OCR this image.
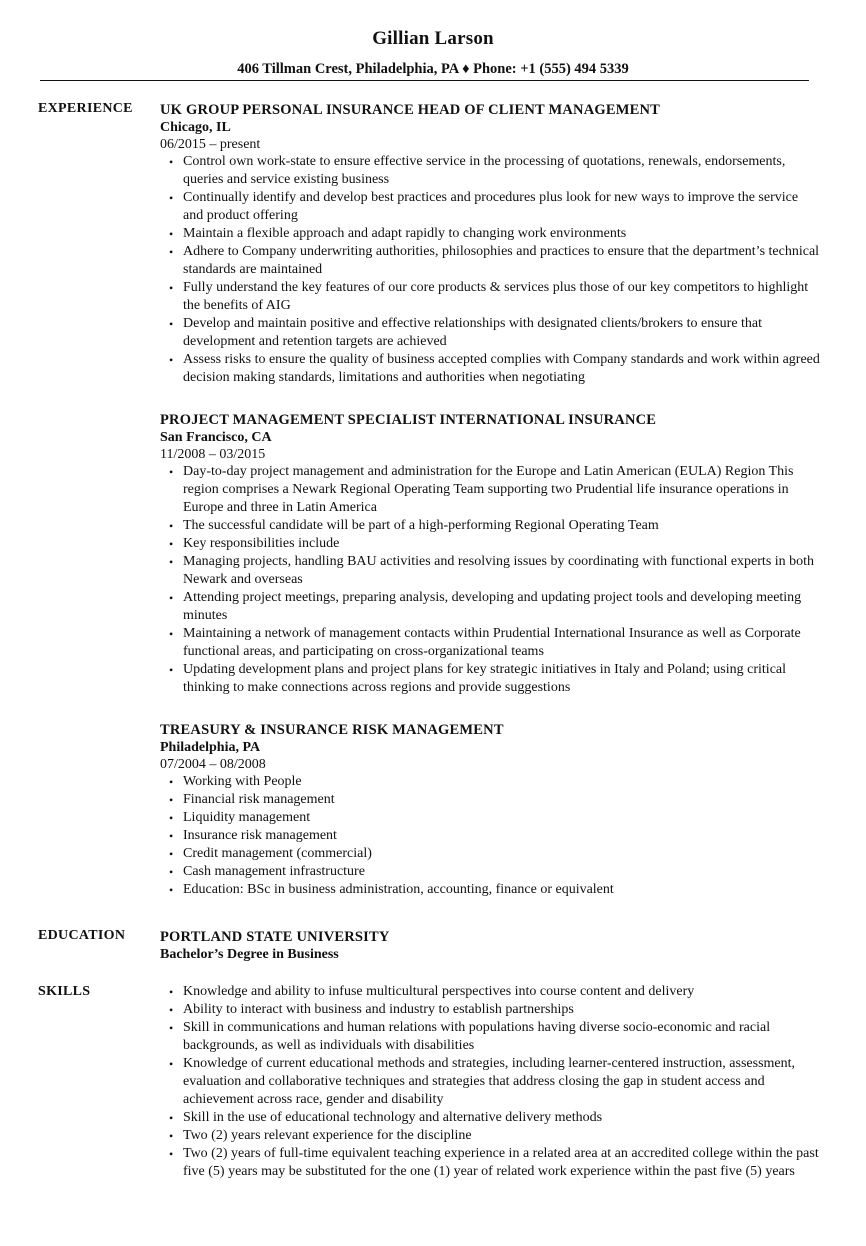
Gillian Larson
406 Tillman Crest, Philadelphia, PA ♦ Phone: +1 (555) 494 5339
EXPERIENCE UK GROUP PERSONAL INSURANCE HEAD OF CLIENT MANAGEMENT
Chicago, IL
06/2015 – present
• Control own work-state to ensure effective service in the processing of quotations, renewals, endorsements, queries and service existing business
• Continually identify and develop best practices and procedures plus look for new ways to improve the service and product offering
• Maintain a flexible approach and adapt rapidly to changing work environments
• Adhere to Company underwriting authorities, philosophies and practices to ensure that the department’s technical standards are maintained
• Fully understand the key features of our core products & services plus those of our key competitors to highlight the benefits of AIG
• Develop and maintain positive and effective relationships with designated clients/brokers to ensure that development and retention targets are achieved
• Assess risks to ensure the quality of business accepted complies with Company standards and work within agreed decision making standards, limitations and authorities when negotiating
PROJECT MANAGEMENT SPECIALIST INTERNATIONAL INSURANCE
San Francisco, CA
11/2008 – 03/2015
• Day-to-day project management and administration for the Europe and Latin American (EULA) Region This region comprises a Newark Regional Operating Team supporting two Prudential life insurance operations in Europe and three in Latin America
• The successful candidate will be part of a high-performing Regional Operating Team
• Key responsibilities include
• Managing projects, handling BAU activities and resolving issues by coordinating with functional experts in both Newark and overseas
• Attending project meetings, preparing analysis, developing and updating project tools and developing meeting minutes
• Maintaining a network of management contacts within Prudential International Insurance as well as Corporate functional areas, and participating on cross-organizational teams
• Updating development plans and project plans for key strategic initiatives in Italy and Poland; using critical thinking to make connections across regions and provide suggestions
TREASURY & INSURANCE RISK MANAGEMENT
Philadelphia, PA
07/2004 – 08/2008
• Working with People
• Financial risk management
• Liquidity management
• Insurance risk management
• Credit management (commercial)
• Cash management infrastructure
• Education: BSc in business administration, accounting, finance or equivalent
EDUCATION PORTLAND STATE UNIVERSITY
Bachelor’s Degree in Business
SKILLS
•	Knowledge and ability to infuse multicultural perspectives into course content and delivery
• Ability to interact with business and industry to establish partnerships
• Skill in communications and human relations with populations having diverse socio-economic and racial backgrounds, as well as individuals with disabilities
• Knowledge of current educational methods and strategies, including learner-centered instruction, assessment, evaluation and collaborative techniques and strategies that address closing the gap in student access and achievement across race, gender and disability
• Skill in the use of educational technology and alternative delivery methods
• Two (2) years relevant experience for the discipline
• Two (2) years of full-time equivalent teaching experience in a related area at an accredited college within the past five (5) years may be substituted for the one (1) year of related work experience within the past five (5) years
